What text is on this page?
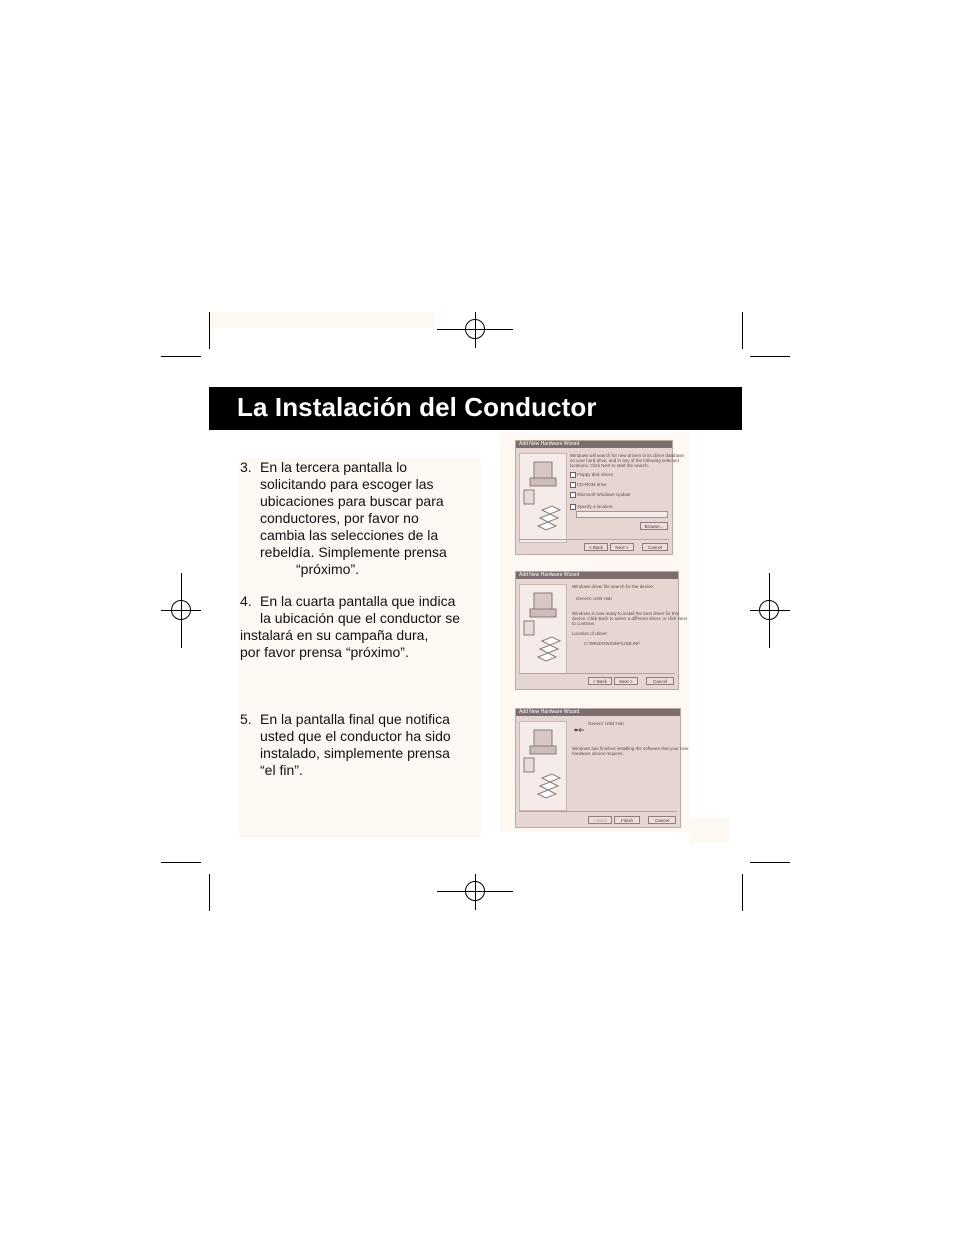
La Instalación del Conductor
3. En la tercera pantalla lo
solicitando para escoger las
ubicaciones para buscar para
conductores, por favor no
cambia las selecciones de la
rebeldía. Simplemente prensa
“próximo”.
4. En la cuarta pantalla que indica
la ubicación que el conductor se
instalará en su campaña dura,
por favor prensa “próximo”.
5. En la pantalla final que notifica
usted que el conductor ha sido
instalado, simplemente prensa
“el fin”.
Add New Hardware Wizard
Windows will search for new drivers in its driver database
on your hard drive, and in any of the following selected
locations. Click Next to start the search.
Floppy disk drives
CD-ROM drive
Microsoft Windows Update
Specify a location:
Browse...
< Back	Next >	Cancel
Add New Hardware Wizard
Windows driver file search for the device:
Generic USB Hub
Windows is now ready to install the best driver for this
device. Click Back to select a different driver, or click Next
to continue.
Location of driver:
C:\WINDOWS\INF\USB.INF
< Back	Next >	Cancel
Add New Hardware Wizard
Generic USB Hub
Windows has finished installing the software that your new
hardware device requires.
< Back	Finish	Cancel
